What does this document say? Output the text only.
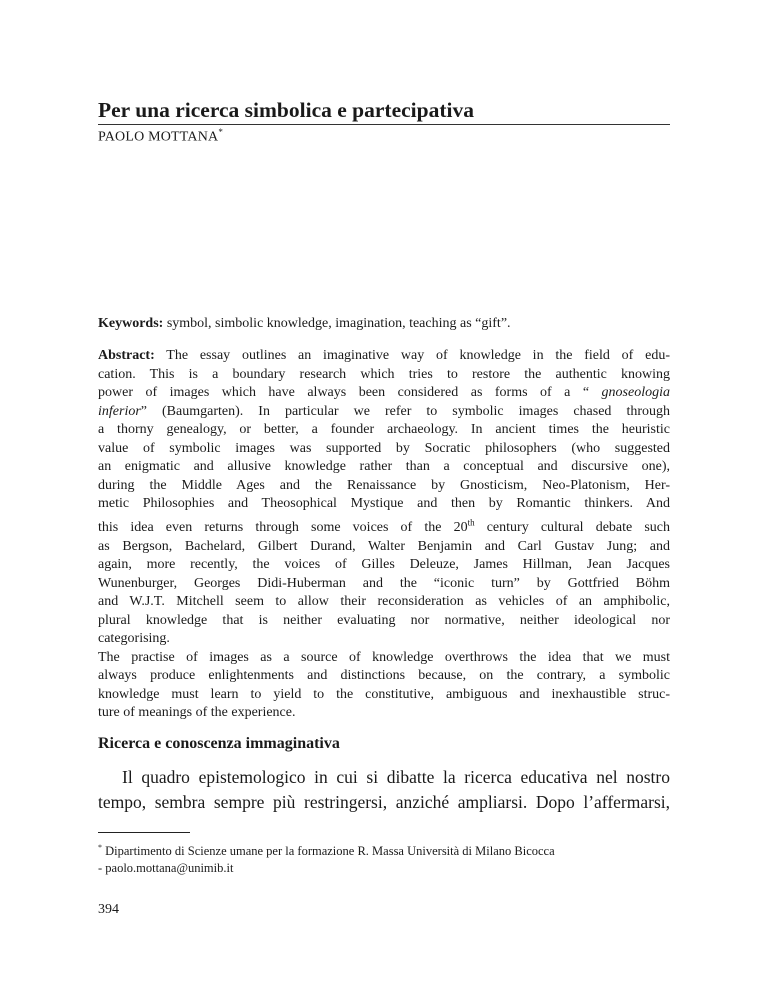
Per una ricerca simbolica e partecipativa
PAOLO MOTTANA*
Keywords: symbol, simbolic knowledge, imagination, teaching as “gift”.
Abstract: The essay outlines an imaginative way of knowledge in the field of edu-
cation. This is a boundary research which tries to restore the authentic knowing
power of images which have always been considered as forms of a “ gnoseologia
inferior” (Baumgarten). In particular we refer to symbolic images chased through
a thorny genealogy, or better, a founder archaeology. In ancient times the heuristic
value of symbolic images was supported by Socratic philosophers (who suggested
an enigmatic and allusive knowledge rather than a conceptual and discursive one),
during the Middle Ages and the Renaissance by Gnosticism, Neo-Platonism, Her-
metic Philosophies and Theosophical Mystique and then by Romantic thinkers. And
this idea even returns through some voices of the 20th century cultural debate such
as Bergson, Bachelard, Gilbert Durand, Walter Benjamin and Carl Gustav Jung; and
again, more recently, the voices of Gilles Deleuze, James Hillman, Jean Jacques
Wunenburger, Georges Didi-Huberman and the “iconic turn” by Gottfried Böhm
and W.J.T. Mitchell seem to allow their reconsideration as vehicles of an amphibolic,
plural knowledge that is neither evaluating nor normative, neither ideological nor
categorising.
The practise of images as a source of knowledge overthrows the idea that we must
always produce enlightenments and distinctions because, on the contrary, a symbolic
knowledge must learn to yield to the constitutive, ambiguous and inexhaustible struc-
ture of meanings of the experience.
Ricerca e conoscenza immaginativa
Il quadro epistemologico in cui si dibatte la ricerca educativa nel nostro
tempo, sembra sempre più restringersi, anziché ampliarsi. Dopo l’affermarsi,
* Dipartimento di Scienze umane per la formazione R. Massa Università di Milano Bicocca
- paolo.mottana@unimib.it
394
